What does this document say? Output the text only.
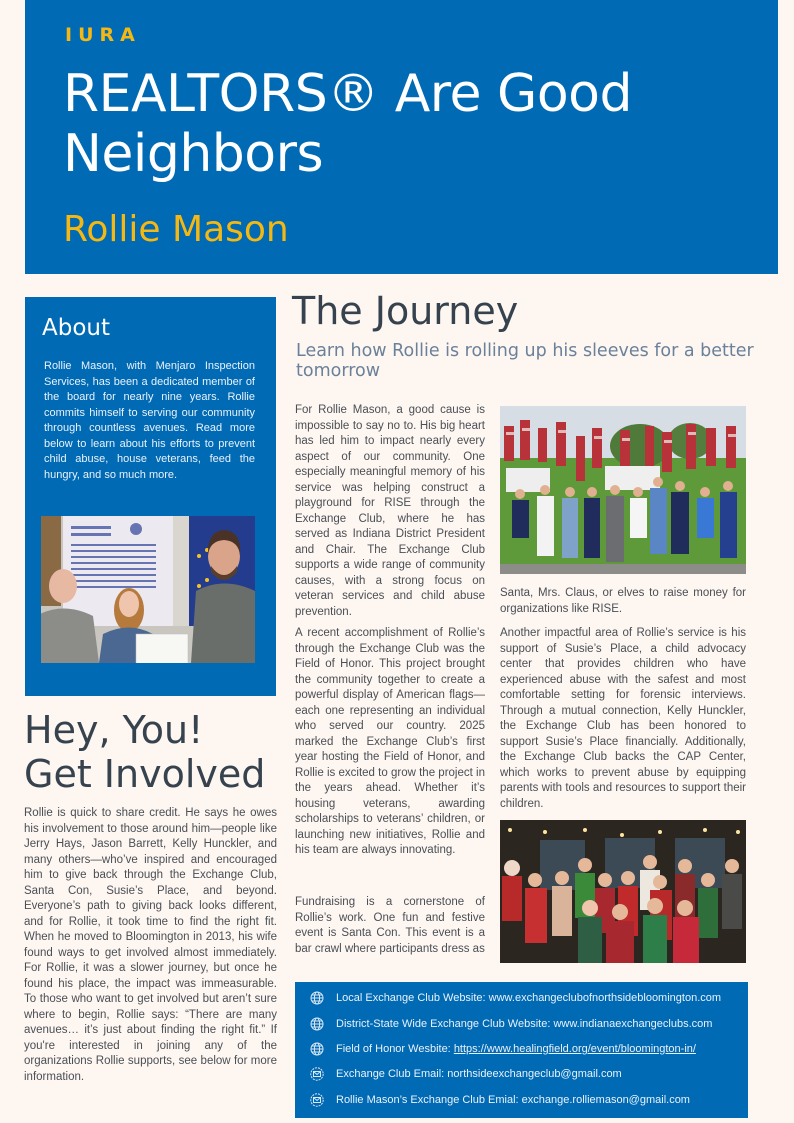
IURA
REALTORS® Are Good
Neighbors
Rollie Mason
About

Rollie Mason, with Menjaro Inspection Services, has been a dedicated member of the board for nearly nine years. Rollie commits himself to serving our community through countless avenues. Read more below to learn about his efforts to prevent child abuse, house veterans, feed the hungry, and so much more.

Hey, You!
Get Involved

Rollie is quick to share credit. He says he owes his involvement to those around him—people like Jerry Hays, Jason Barrett, Kelly Hunckler, and many others—who’ve inspired and encouraged him to give back through the Exchange Club, Santa Con, Susie’s Place, and beyond. Everyone’s path to giving back looks different, and for Rollie, it took time to find the right fit. When he moved to Bloomington in 2013, his wife found ways to get involved almost immediately. For Rollie, it was a slower journey, but once he found his place, the impact was immeasurable. To those who want to get involved but aren’t sure where to begin, Rollie says: “There are many avenues… it’s just about finding the right fit.” If you're interested in joining any of the organizations Rollie supports, see below for more information.

The Journey

Learn how Rollie is rolling up his sleeves for a better tomorrow

For Rollie Mason, a good cause is impossible to say no to. His big heart has led him to impact nearly every aspect of our community. One especially meaningful memory of his service was helping construct a playground for RISE through the Exchange Club, where he has served as Indiana District President and Chair. The Exchange Club supports a wide range of community causes, with a strong focus on veteran services and child abuse prevention.

A recent accomplishment of Rollie’s through the Exchange Club was the Field of Honor. This project brought the community together to create a powerful display of American flags—each one representing an individual who served our country. 2025 marked the Exchange Club’s first year hosting the Field of Honor, and Rollie is excited to grow the project in the years ahead. Whether it’s housing veterans, awarding scholarships to veterans’ children, or launching new initiatives, Rollie and his team are always innovating.

Fundraising is a cornerstone of Rollie’s work. One fun and festive event is Santa Con. This event is a bar crawl where participants dress as

Santa, Mrs. Claus, or elves to raise money for organizations like RISE.

Another impactful area of Rollie’s service is his support of Susie’s Place, a child advocacy center that provides children who have experienced abuse with the safest and most comfortable setting for forensic interviews. Through a mutual connection, Kelly Hunckler, the Exchange Club has been honored to support Susie’s Place financially. Additionally, the Exchange Club backs the CAP Center, which works to prevent abuse by equipping parents with tools and resources to support their children.

Local Exchange Club Website:
www.exchangeclubofnorthsidebloomington.com
District-State Wide Exchange Club Website:
www.indianaexchangeclubs.com
Field of Honor Wesbite:
https://www.healingfield.org/event/bloomington-in/
Exchange Club Email:
northsideexchangeclub@gmail.com
Rollie Mason’s Exchange Club Emial:
exchange.rolliemason@gmail.com
